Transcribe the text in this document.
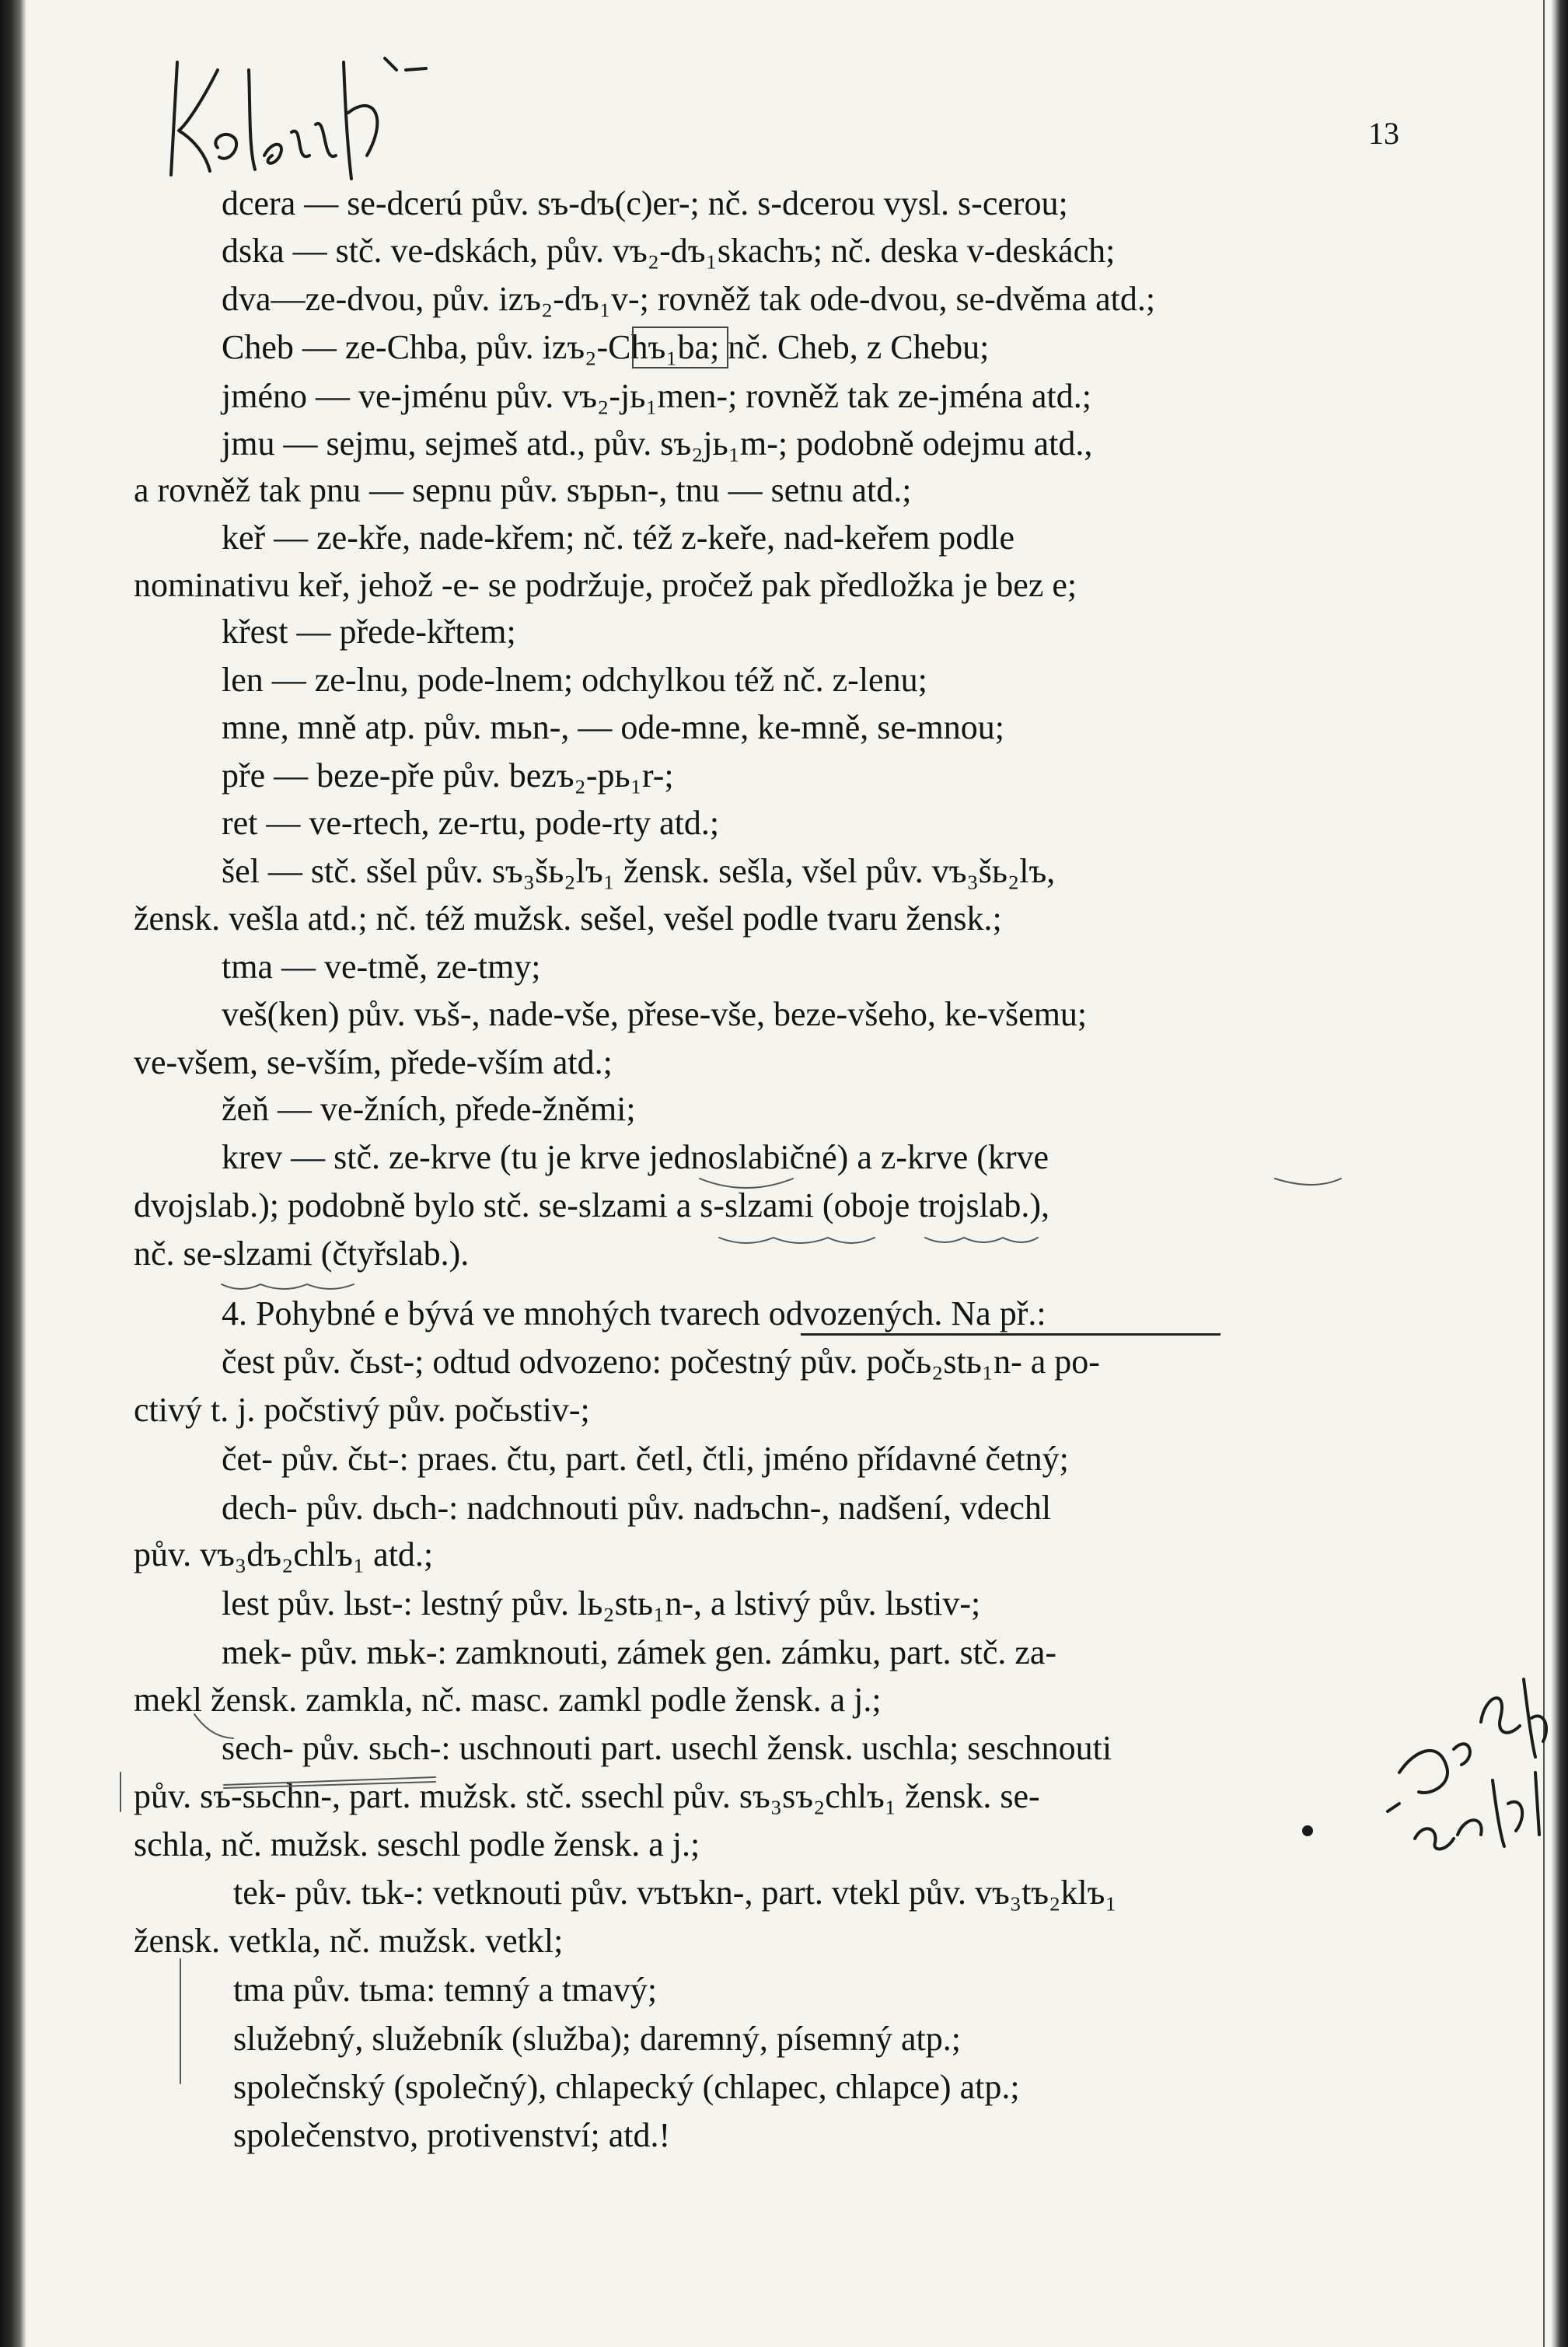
13
dcera — se-dcerú pův. sъ-dъ(c)er-; nč. s-dcerou vysl. s-cerou;
dska — stč. ve-dskách, pův. vъ₂-dъ₁skachъ; nč. deska v-deskách;
dva—ze-dvou, pův. izъ₂-dъ₁v-; rovněž tak ode-dvou, se-dvěma atd.;
Cheb — ze-Chba, pův. izъ₂-Chъ₁ba; nč. Cheb, z Chebu;
jméno — ve-jménu pův. vъ₂-jь₁men-; rovněž tak ze-jména atd.;
jmu — sejmu, sejmeš atd., pův. sъ₂jь₁m-; podobně odejmu atd.,
a rovněž tak pnu — sepnu pův. sъpьn-, tnu — setnu atd.;
keř — ze-kře, nade-křem; nč. též z-keře, nad-keřem podle
nominativu keř, jehož -e- se podržuje, pročež pak předložka je bez e;
křest — přede-křtem;
len — ze-lnu, pode-lnem; odchylkou též nč. z-lenu;
mne, mně atp. pův. mьn-, — ode-mne, ke-mně, se-mnou;
pře — beze-pře pův. bezъ₂-pь₁r-;
ret — ve-rtech, ze-rtu, pode-rty atd.;
šel — stč. sšel pův. sъ₃šь₂lъ₁ žensk. sešla, všel pův. vъ₃šь₂lъ,
žensk. vešla atd.; nč. též mužsk. sešel, vešel podle tvaru žensk.;
tma — ve-tmě, ze-tmy;
veš(ken) pův. vьš-, nade-vše, přese-vše, beze-všeho, ke-všemu;
ve-všem, se-vším, přede-vším atd.;
žeň — ve-žních, přede-žněmi;
krev — stč. ze-krve (tu je krve jednoslabičné) a z-krve (krve
dvojslab.); podobně bylo stč. se-slzami a s-slzami (oboje trojslab.),
nč. se-slzami (čtyřslab.).
4. Pohybné e bývá ve mnohých tvarech odvozených. Na př.:
čest pův. čьst-; odtud odvozeno: počestný pův. počь₂stь₁n- a po-
ctivý t. j. počstivý pův. počьstiv-;
čet- pův. čьt-: praes. čtu, part. četl, čtli, jméno přídavné četný;
dech- pův. dьch-: nadchnouti pův. nadъchn-, nadšení, vdechl
pův. vъ₃dъ₂chlъ₁ atd.;
lest pův. lьst-: lestný pův. lь₂stь₁n-, a lstivý pův. lьstiv-;
mek- pův. mьk-: zamknouti, zámek gen. zámku, part. stč. za-
mekl žensk. zamkla, nč. masc. zamkl podle žensk. a j.;
sech- pův. sьch-: uschnouti part. usechl žensk. uschla; seschnouti
pův. sъ-sьchn-, part. mužsk. stč. ssechl pův. sъ₃sъ₂chlъ₁ žensk. se-
schla, nč. mužsk. seschl podle žensk. a j.;
tek- pův. tьk-: vetknouti pův. vъtъkn-, part. vtekl pův. vъ₃tъ₂klъ₁
žensk. vetkla, nč. mužsk. vetkl;
tma pův. tьma: temný a tmavý;
služebný, služebník (služba); daremný, písemný atp.;
společnský (společný), chlapecký (chlapec, chlapce) atp.;
společenstvo, protivenství; atd.!
